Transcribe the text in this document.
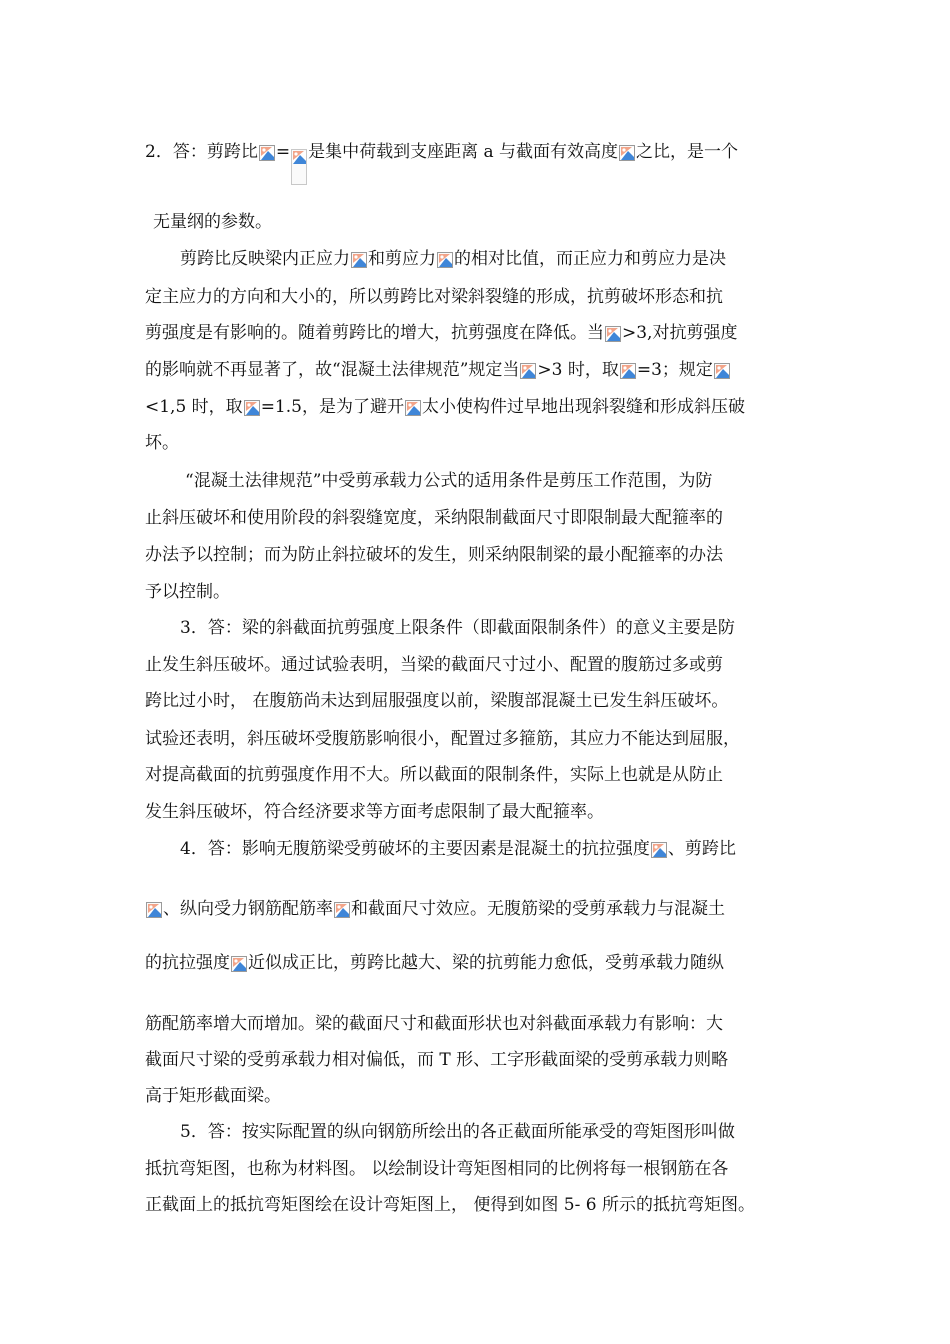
2．答：剪跨比 = 是集中荷载到支座距离 a 与截面有效高度 之比，是一个
无量纲的参数。
剪跨比反映梁内正应力 和剪应力 的相对比值，而正应力和剪应力是决
定主应力的方向和大小的，所以剪跨比对梁斜裂缝的形成，抗剪破坏形态和抗
剪强度是有影响的。随着剪跨比的增大，抗剪强度在降低。当 >3,对抗剪强度
的影响就不再显著了，故“混凝土法律规范”规定当 >3 时，取 =3；规定
<1,5 时，取 =1.5，是为了避开 太小使构件过早地出现斜裂缝和形成斜压破
坏。
“混凝土法律规范”中受剪承载力公式的适用条件是剪压工作范围，为防
止斜压破坏和使用阶段的斜裂缝宽度，采纳限制截面尺寸即限制最大配箍率的
办法予以控制；而为防止斜拉破坏的发生，则采纳限制梁的最小配箍率的办法
予以控制。
3．答：梁的斜截面抗剪强度上限条件（即截面限制条件）的意义主要是防
止发生斜压破坏。通过试验表明，当梁的截面尺寸过小、配置的腹筋过多或剪
跨比过小时， 在腹筋尚未达到屈服强度以前，梁腹部混凝土已发生斜压破坏。
试验还表明，斜压破坏受腹筋影响很小，配置过多箍筋，其应力不能达到屈服，
对提高截面的抗剪强度作用不大。所以截面的限制条件，实际上也就是从防止
发生斜压破坏，符合经济要求等方面考虑限制了最大配箍率。
4．答：影响无腹筋梁受剪破坏的主要因素是混凝土的抗拉强度 、剪跨比
、纵向受力钢筋配筋率 和截面尺寸效应。无腹筋梁的受剪承载力与混凝土
的抗拉强度 近似成正比，剪跨比越大、梁的抗剪能力愈低，受剪承载力随纵
筋配筋率增大而增加。梁的截面尺寸和截面形状也对斜截面承载力有影响：大
截面尺寸梁的受剪承载力相对偏低，而 T 形、工字形截面梁的受剪承载力则略
高于矩形截面梁。
5．答：按实际配置的纵向钢筋所绘出的各正截面所能承受的弯矩图形叫做
抵抗弯矩图，也称为材料图。 以绘制设计弯矩图相同的比例将每一根钢筋在各
正截面上的抵抗弯矩图绘在设计弯矩图上， 便得到如图 5- 6 所示的抵抗弯矩图。
